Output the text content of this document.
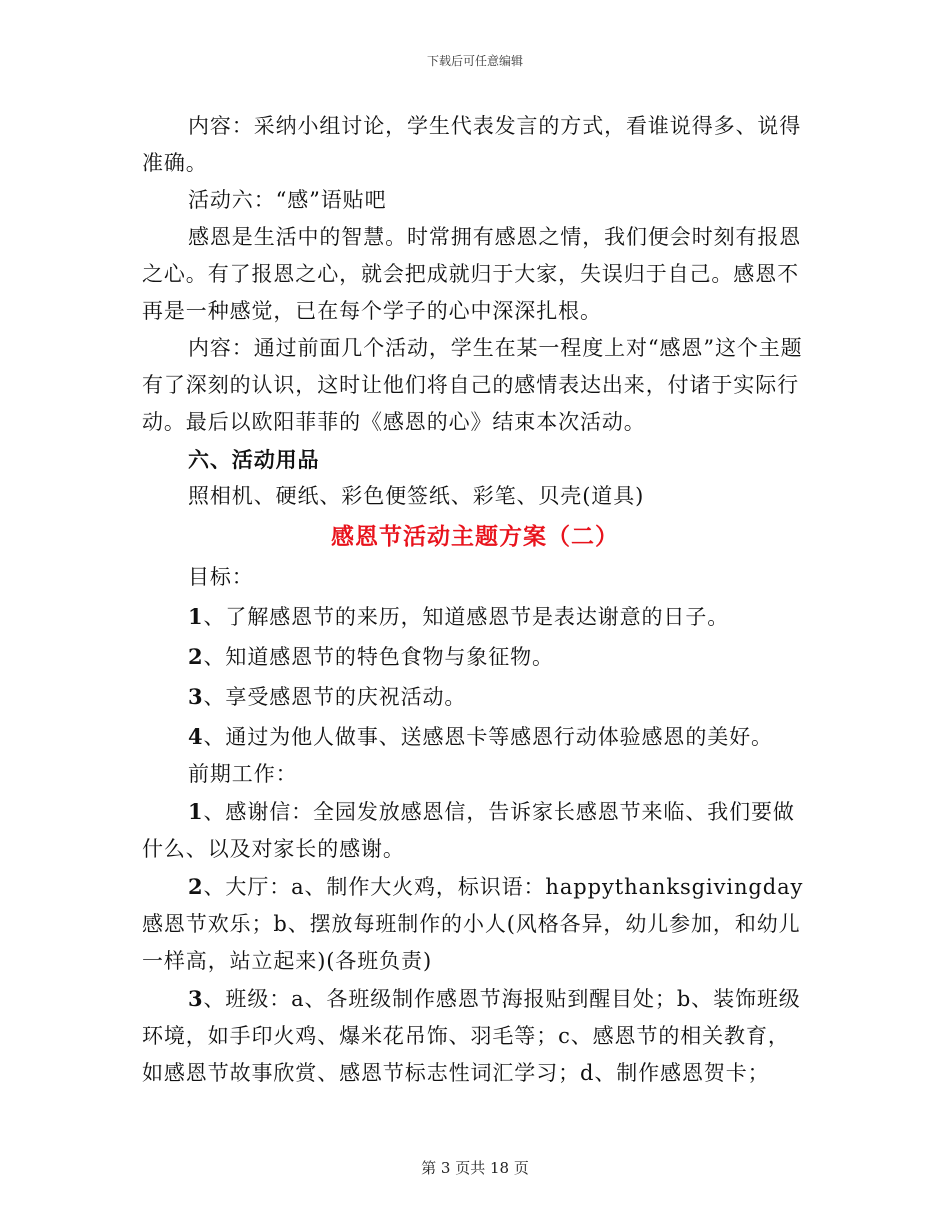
下载后可任意编辑

内容：采纳小组讨论，学生代表发言的方式，看谁说得多、说得准确。

活动六：“感”语贴吧

感恩是生活中的智慧。时常拥有感恩之情，我们便会时刻有报恩之心。有了报恩之心，就会把成就归于大家，失误归于自己。感恩不再是一种感觉，已在每个学子的心中深深扎根。

内容：通过前面几个活动，学生在某一程度上对“感恩”这个主题有了深刻的认识，这时让他们将自己的感情表达出来，付诸于实际行动。最后以欧阳菲菲的《感恩的心》结束本次活动。

六、活动用品

照相机、硬纸、彩色便签纸、彩笔、贝壳(道具)

感恩节活动主题方案（二）

目标：

1、了解感恩节的来历，知道感恩节是表达谢意的日子。

2、知道感恩节的特色食物与象征物。

3、享受感恩节的庆祝活动。

4、通过为他人做事、送感恩卡等感恩行动体验感恩的美好。

前期工作：

1、感谢信：全园发放感恩信，告诉家长感恩节来临、我们要做什么、以及对家长的感谢。

2、大厅：a、制作大火鸡，标识语：happythanksgivingday感恩节欢乐；b、摆放每班制作的小人(风格各异，幼儿参加，和幼儿一样高，站立起来)(各班负责)

3、班级：a、各班级制作感恩节海报贴到醒目处；b、装饰班级环境，如手印火鸡、爆米花吊饰、羽毛等；c、感恩节的相关教育，如感恩节故事欣赏、感恩节标志性词汇学习；d、制作感恩贺卡；

第 3 页共 18 页
